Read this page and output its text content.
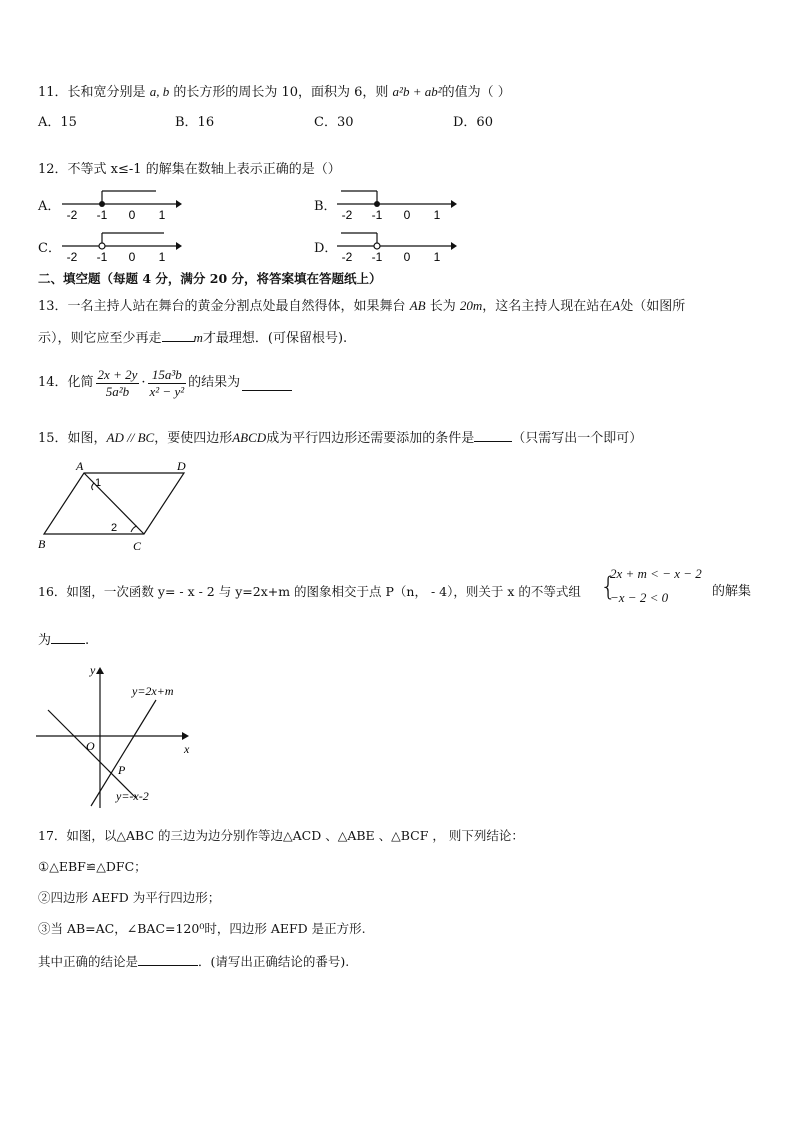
11．长和宽分别是 a, b 的长方形的周长为 10，面积为 6，则 a²b + ab²的值为（ ）
A．15	B．16	C．30	D．60
12．不等式 x≤-1 的解集在数轴上表示正确的是（）
A．	B．
C．	D．
-2 -1 0 1	-2 -1 0 1
-2 -1 0 1	-2 -1 0 1
二、填空题（每题 4 分，满分 20 分，将答案填在答题纸上）
13．一名主持人站在舞台的黄金分割点处最自然得体，如果舞台 AB 长为 20m，这名主持人现在站在A处（如图所
示），则它应至少再走 m才最理想．(可保留根号).
14．化简 $\frac{2x + 2y}{\text{5a²b}} \cdot \frac{\text{15a³b}}{\text{x² − y²}}$ 的结果为
15．如图，AD // BC，要使四边形ABCD成为平行四边形还需要添加的条件是	（只需写出一个即可）
A	D
B	C
1
2
16．如图，一次函数 y= - x - 2 与 y=2x+m 的图象相交于点 P（n， - 4），则关于 x 的不等式组 {
2x + m < − x − 2
−x − 2 < 0	的解集
为	.
y
x
O
P
y=2x+m
y=-x-2
17．如图，以△ABC 的三边为边分别作等边△ACD 、△ABE 、△BCF ， 则下列结论：
①△EBF≌△DFC；
②四边形 AEFD 为平行四边形；
③当 AB=AC，∠BAC=120⁰时，四边形 AEFD 是正方形.
其中正确的结论是	．(请写出正确结论的番号).
